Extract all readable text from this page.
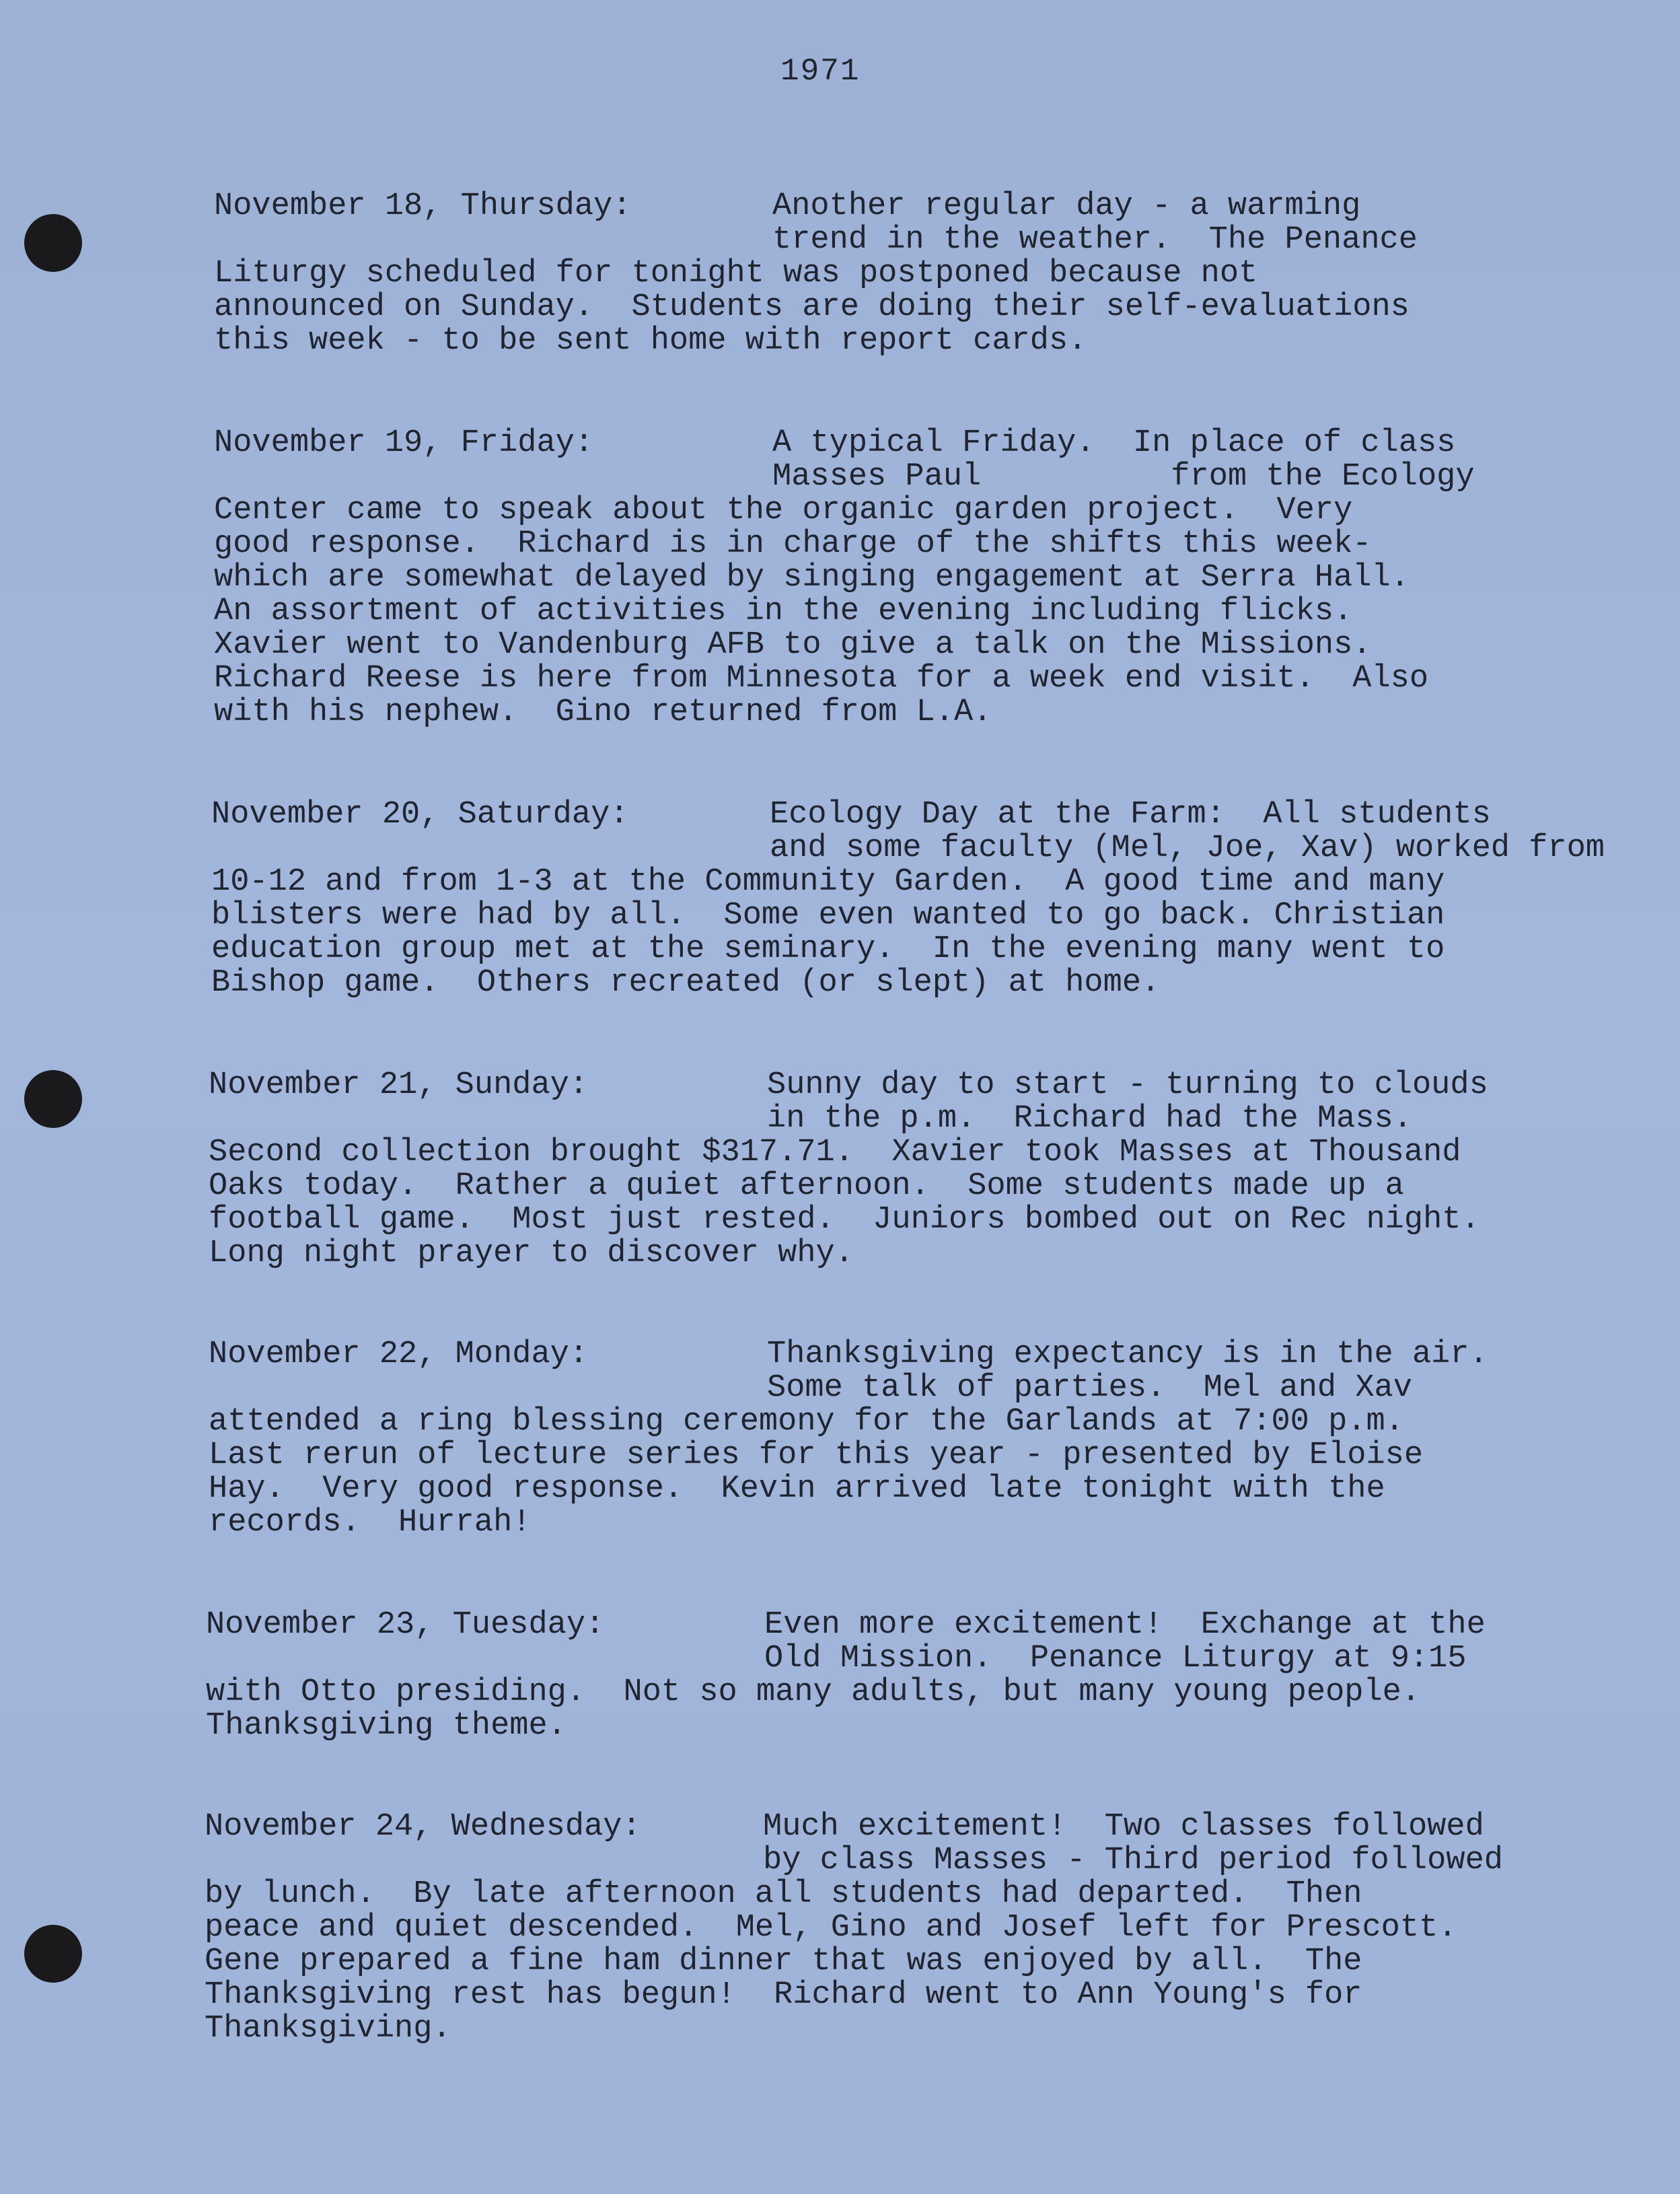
1971
November 18, Thursday:	Another regular day - a warming

trend in the weather.  The Penance

Liturgy scheduled for tonight was postponed because not

announced on Sunday.  Students are doing their self-evaluations

this week - to be sent home with report cards.

November 19, Friday:	A typical Friday.  In place of class

Masses Paul          from the Ecology

Center came to speak about the organic garden project.  Very

good response.  Richard is in charge of the shifts this week-

which are somewhat delayed by singing engagement at Serra Hall.

An assortment of activities in the evening including flicks.

Xavier went to Vandenburg AFB to give a talk on the Missions.

Richard Reese is here from Minnesota for a week end visit.  Also

with his nephew.  Gino returned from L.A.

November 20, Saturday:	Ecology Day at the Farm:  All students

and some faculty (Mel, Joe, Xav) worked from

10-12 and from 1-3 at the Community Garden.  A good time and many

blisters were had by all.  Some even wanted to go back. Christian

education group met at the seminary.  In the evening many went to

Bishop game.  Others recreated (or slept) at home.

November 21, Sunday:	Sunny day to start - turning to clouds

in the p.m.  Richard had the Mass.

Second collection brought $317.71.  Xavier took Masses at Thousand

Oaks today.  Rather a quiet afternoon.  Some students made up a

football game.  Most just rested.  Juniors bombed out on Rec night.

Long night prayer to discover why.

November 22, Monday:	Thanksgiving expectancy is in the air.

Some talk of parties.  Mel and Xav

attended a ring blessing ceremony for the Garlands at 7:00 p.m.

Last rerun of lecture series for this year - presented by Eloise

Hay.  Very good response.  Kevin arrived late tonight with the

records.  Hurrah!

November 23, Tuesday:	Even more excitement!  Exchange at the

Old Mission.  Penance Liturgy at 9:15

with Otto presiding.  Not so many adults, but many young people.

Thanksgiving theme.

November 24, Wednesday:	Much excitement!  Two classes followed

by class Masses - Third period followed

by lunch.  By late afternoon all students had departed.  Then

peace and quiet descended.  Mel, Gino and Josef left for Prescott.

Gene prepared a fine ham dinner that was enjoyed by all.  The

Thanksgiving rest has begun!  Richard went to Ann Young's for

Thanksgiving.
